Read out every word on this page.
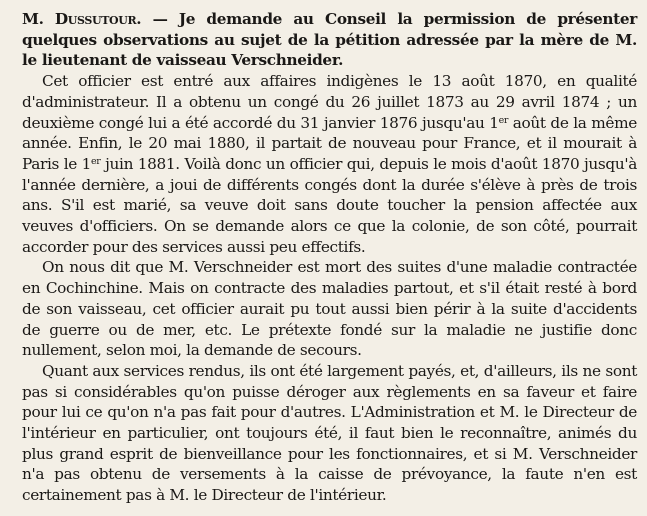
M. Dussutour. — Je demande au Conseil la permission de présenter quelques observations au sujet de la pétition adressée par la mère de M. le lieutenant de vaisseau Verschneider.

Cet officier est entré aux affaires indigènes le 13 août 1870, en qualité d'administrateur. Il a obtenu un congé du 26 juillet 1873 au 29 avril 1874 ; un deuxième congé lui a été accordé du 31 janvier 1876 jusqu'au 1er août de la même année. Enfin, le 20 mai 1880, il partait de nouveau pour France, et il mourait à Paris le 1er juin 1881. Voilà donc un officier qui, depuis le mois d'août 1870 jusqu'à l'année dernière, a joui de différents congés dont la durée s'élève à près de trois ans. S'il est marié, sa veuve doit sans doute toucher la pension affectée aux veuves d'officiers. On se demande alors ce que la colonie, de son côté, pourrait accorder pour des services aussi peu effectifs.

On nous dit que M. Verschneider est mort des suites d'une maladie contractée en Cochinchine. Mais on contracte des maladies partout, et s'il était resté à bord de son vaisseau, cet officier aurait pu tout aussi bien périr à la suite d'accidents de guerre ou de mer, etc. Le prétexte fondé sur la maladie ne justifie donc nullement, selon moi, la demande de secours.

Quant aux services rendus, ils ont été largement payés, et, d'ailleurs, ils ne sont pas si considérables qu'on puisse déroger aux règlements en sa faveur et faire pour lui ce qu'on n'a pas fait pour d'autres. L'Administration et M. le Directeur de l'intérieur en particulier, ont toujours été, il faut bien le reconnaître, animés du plus grand esprit de bienveillance pour les fonctionnaires, et si M. Verschneider n'a pas obtenu de versements à la caisse de prévoyance, la faute n'en est certainement pas à M. le Directeur de l'intérieur.
